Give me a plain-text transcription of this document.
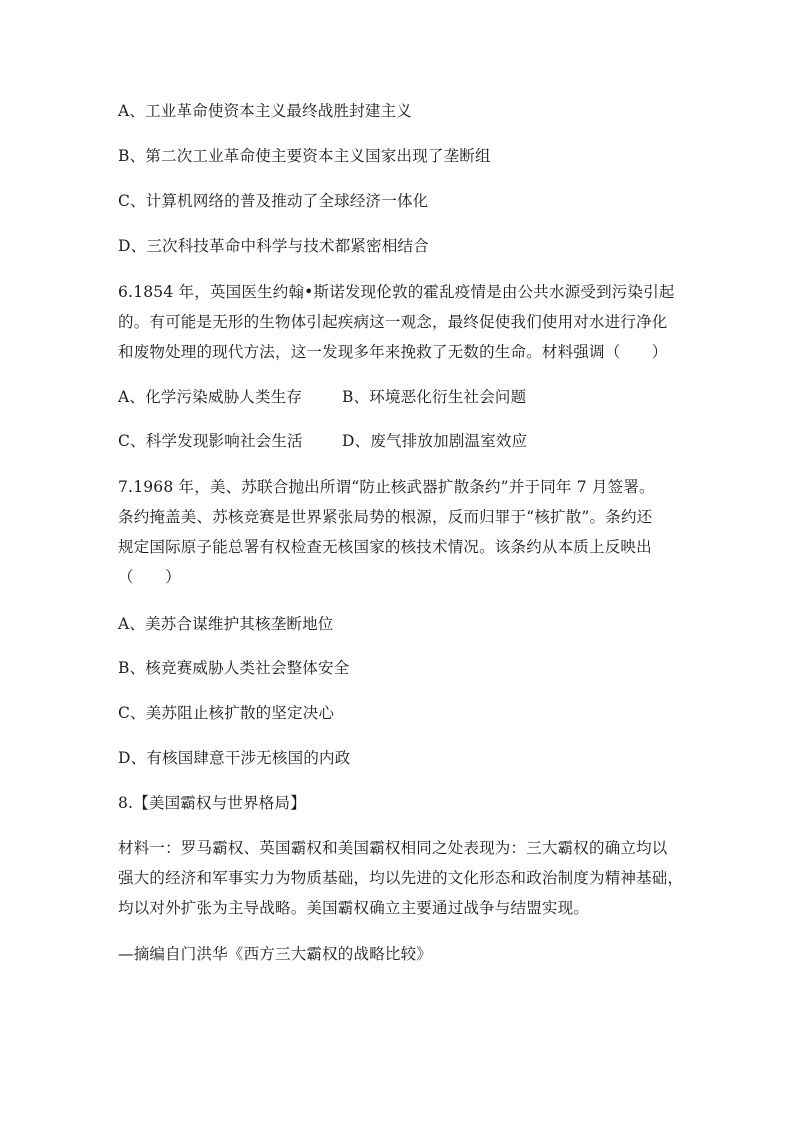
A、工业革命使资本主义最终战胜封建主义
B、第二次工业革命使主要资本主义国家出现了垄断组
C、计算机网络的普及推动了全球经济一体化
D、三次科技革命中科学与技术都紧密相结合
6.1854 年，英国医生约翰•斯诺发现伦敦的霍乱疫情是由公共水源受到污染引起
的。有可能是无形的生物体引起疾病这一观念，最终促使我们使用对水进行净化
和废物处理的现代方法，这一发现多年来挽救了无数的生命。材料强调（　　）
A、化学污染威胁人类生存	B、环境恶化衍生社会问题
C、科学发现影响社会生活	D、废气排放加剧温室效应
7.1968 年，美、苏联合抛出所谓“防止核武器扩散条约”并于同年 7 月签署。
条约掩盖美、苏核竞赛是世界紧张局势的根源，反而归罪于“核扩散”。条约还
规定国际原子能总署有权检查无核国家的核技术情况。该条约从本质上反映出
（　　）
A、美苏合谋维护其核垄断地位
B、核竞赛威胁人类社会整体安全
C、美苏阻止核扩散的坚定决心
D、有核国肆意干涉无核国的内政
8.【美国霸权与世界格局】
材料一：罗马霸权、英国霸权和美国霸权相同之处表现为：三大霸权的确立均以
强大的经济和军事实力为物质基础，均以先进的文化形态和政治制度为精神基础，
均以对外扩张为主导战略。美国霸权确立主要通过战争与结盟实现。
—摘编自门洪华《西方三大霸权的战略比较》
